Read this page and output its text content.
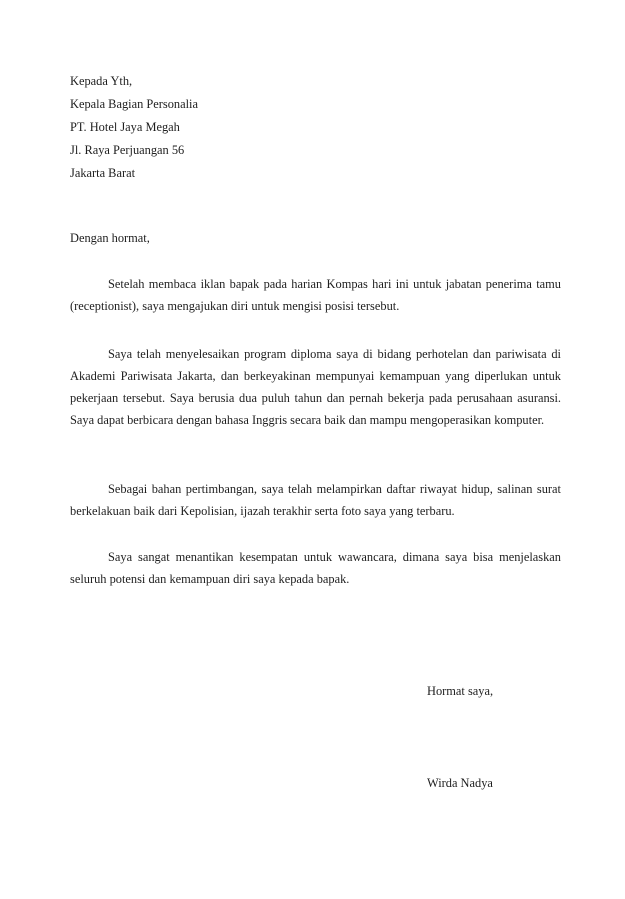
Kepada Yth,
Kepala Bagian Personalia
PT. Hotel Jaya Megah
Jl. Raya Perjuangan 56
Jakarta Barat
Dengan hormat,
Setelah membaca iklan bapak pada harian Kompas hari ini untuk jabatan penerima tamu (receptionist), saya mengajukan diri untuk mengisi posisi tersebut.
Saya telah menyelesaikan program diploma saya di bidang perhotelan dan pariwisata di Akademi Pariwisata Jakarta, dan berkeyakinan mempunyai kemampuan yang diperlukan untuk pekerjaan tersebut. Saya berusia dua puluh tahun dan pernah bekerja pada perusahaan asuransi. Saya dapat berbicara dengan bahasa Inggris secara baik dan mampu mengoperasikan komputer.
Sebagai bahan pertimbangan, saya telah melampirkan daftar riwayat hidup, salinan surat berkelakuan baik dari Kepolisian, ijazah terakhir serta foto saya yang terbaru.
Saya sangat menantikan kesempatan untuk wawancara, dimana saya bisa menjelaskan seluruh potensi dan kemampuan diri saya kepada bapak.
Hormat saya,
Wirda Nadya
